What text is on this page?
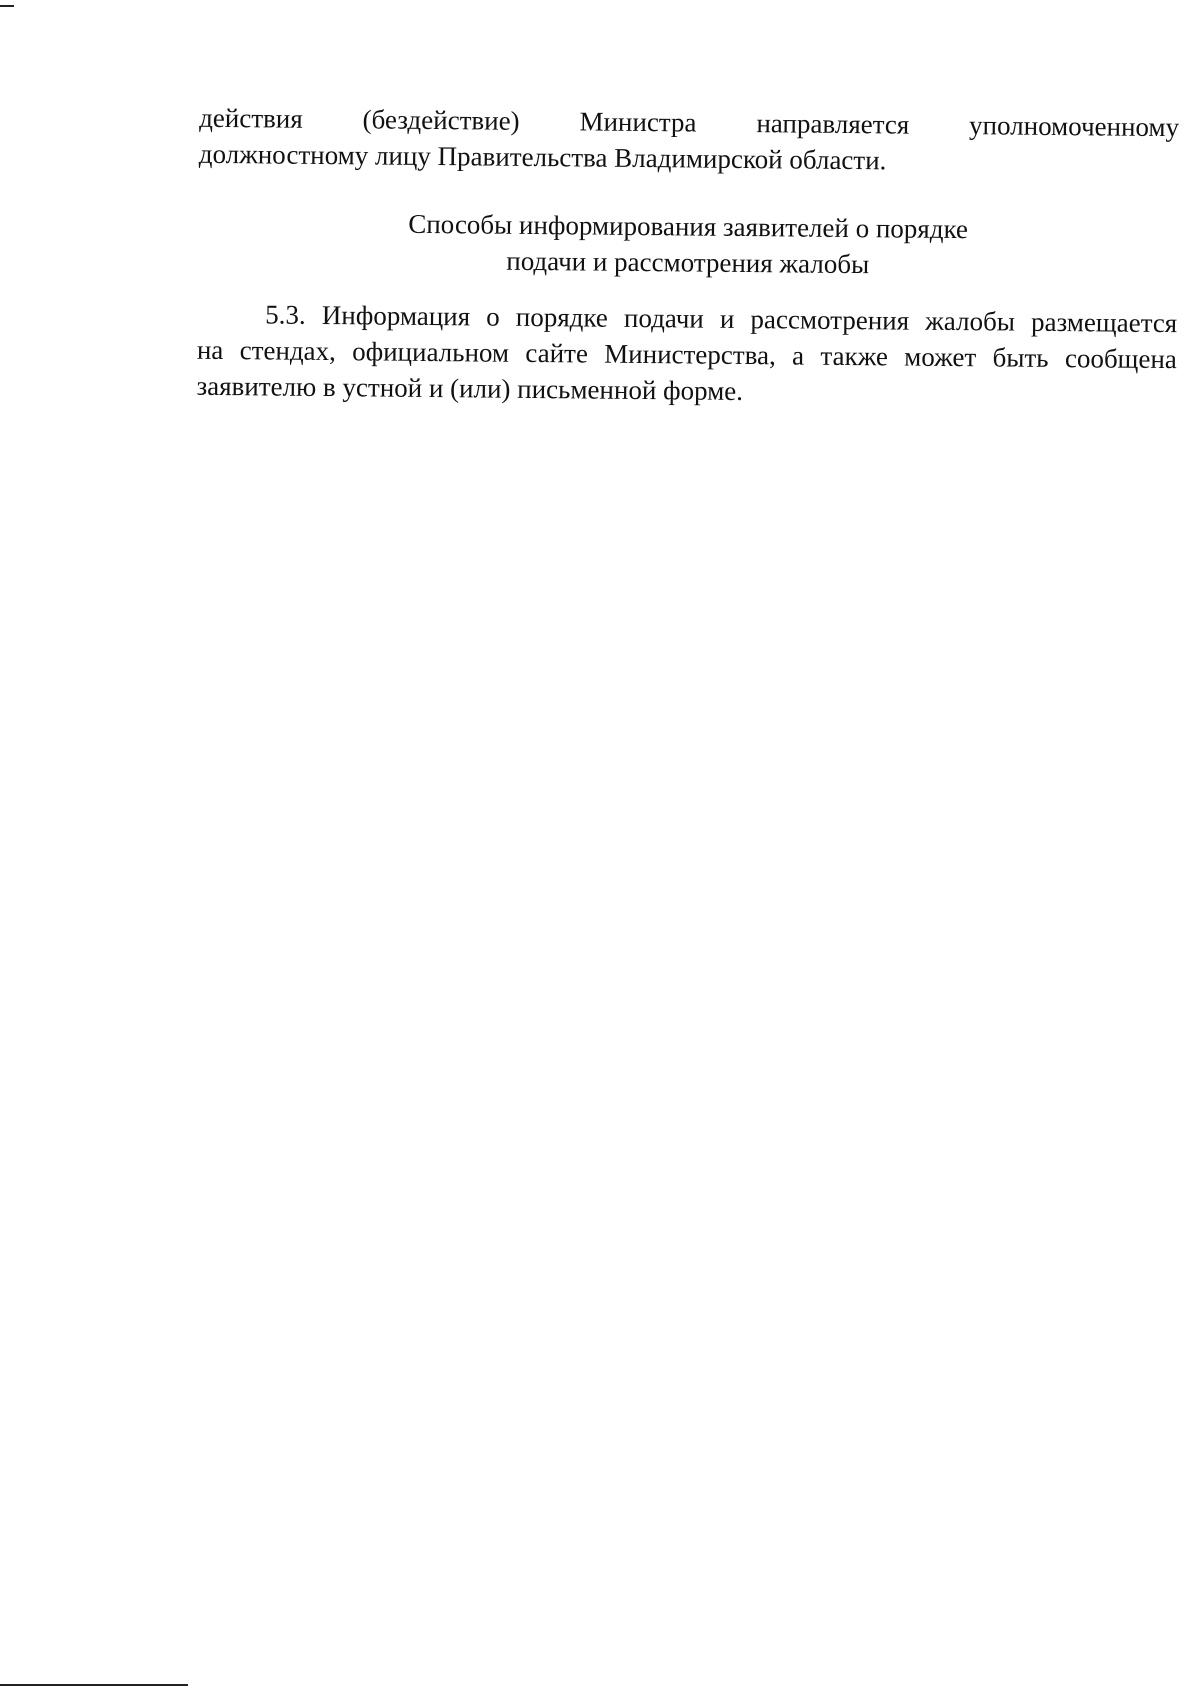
действия (бездействие) Министра направляется уполномоченному
должностному лицу Правительства Владимирской области.
Способы информирования заявителей о порядке
подачи и рассмотрения жалобы
5.3. Информация о порядке подачи и рассмотрения жалобы размещается
на стендах, официальном сайте Министерства, а также может быть сообщена
заявителю в устной и (или) письменной форме.
